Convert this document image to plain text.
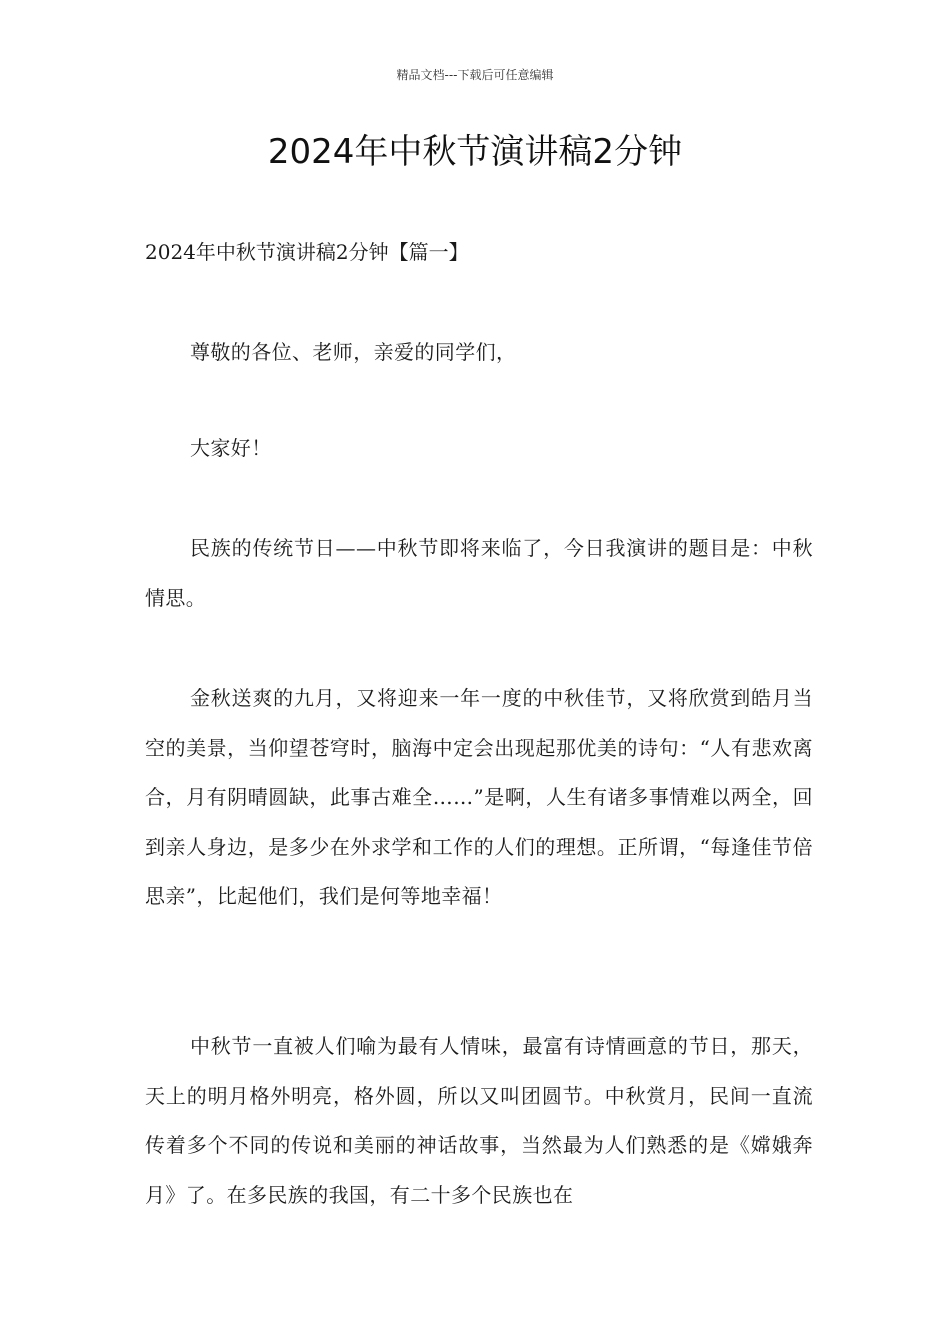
精品文档---下载后可任意编辑
2024年中秋节演讲稿2分钟

2024年中秋节演讲稿2分钟【篇一】

尊敬的各位、老师，亲爱的同学们，

大家好！

民族的传统节日——中秋节即将来临了，今日我演讲的题目是：中秋情思。

金秋送爽的九月，又将迎来一年一度的中秋佳节，又将欣赏到皓月当空的美景，当仰望苍穹时，脑海中定会出现起那优美的诗句：“人有悲欢离合，月有阴晴圆缺，此事古难全……”是啊，人生有诸多事情难以两全，回到亲人身边，是多少在外求学和工作的人们的理想。正所谓，“每逢佳节倍思亲”，比起他们，我们是何等地幸福！

中秋节一直被人们喻为最有人情味，最富有诗情画意的节日，那天，天上的明月格外明亮，格外圆，所以又叫团圆节。中秋赏月，民间一直流传着多个不同的传说和美丽的神话故事，当然最为人们熟悉的是《嫦娥奔月》了。在多民族的我国，有二十多个民族也在
